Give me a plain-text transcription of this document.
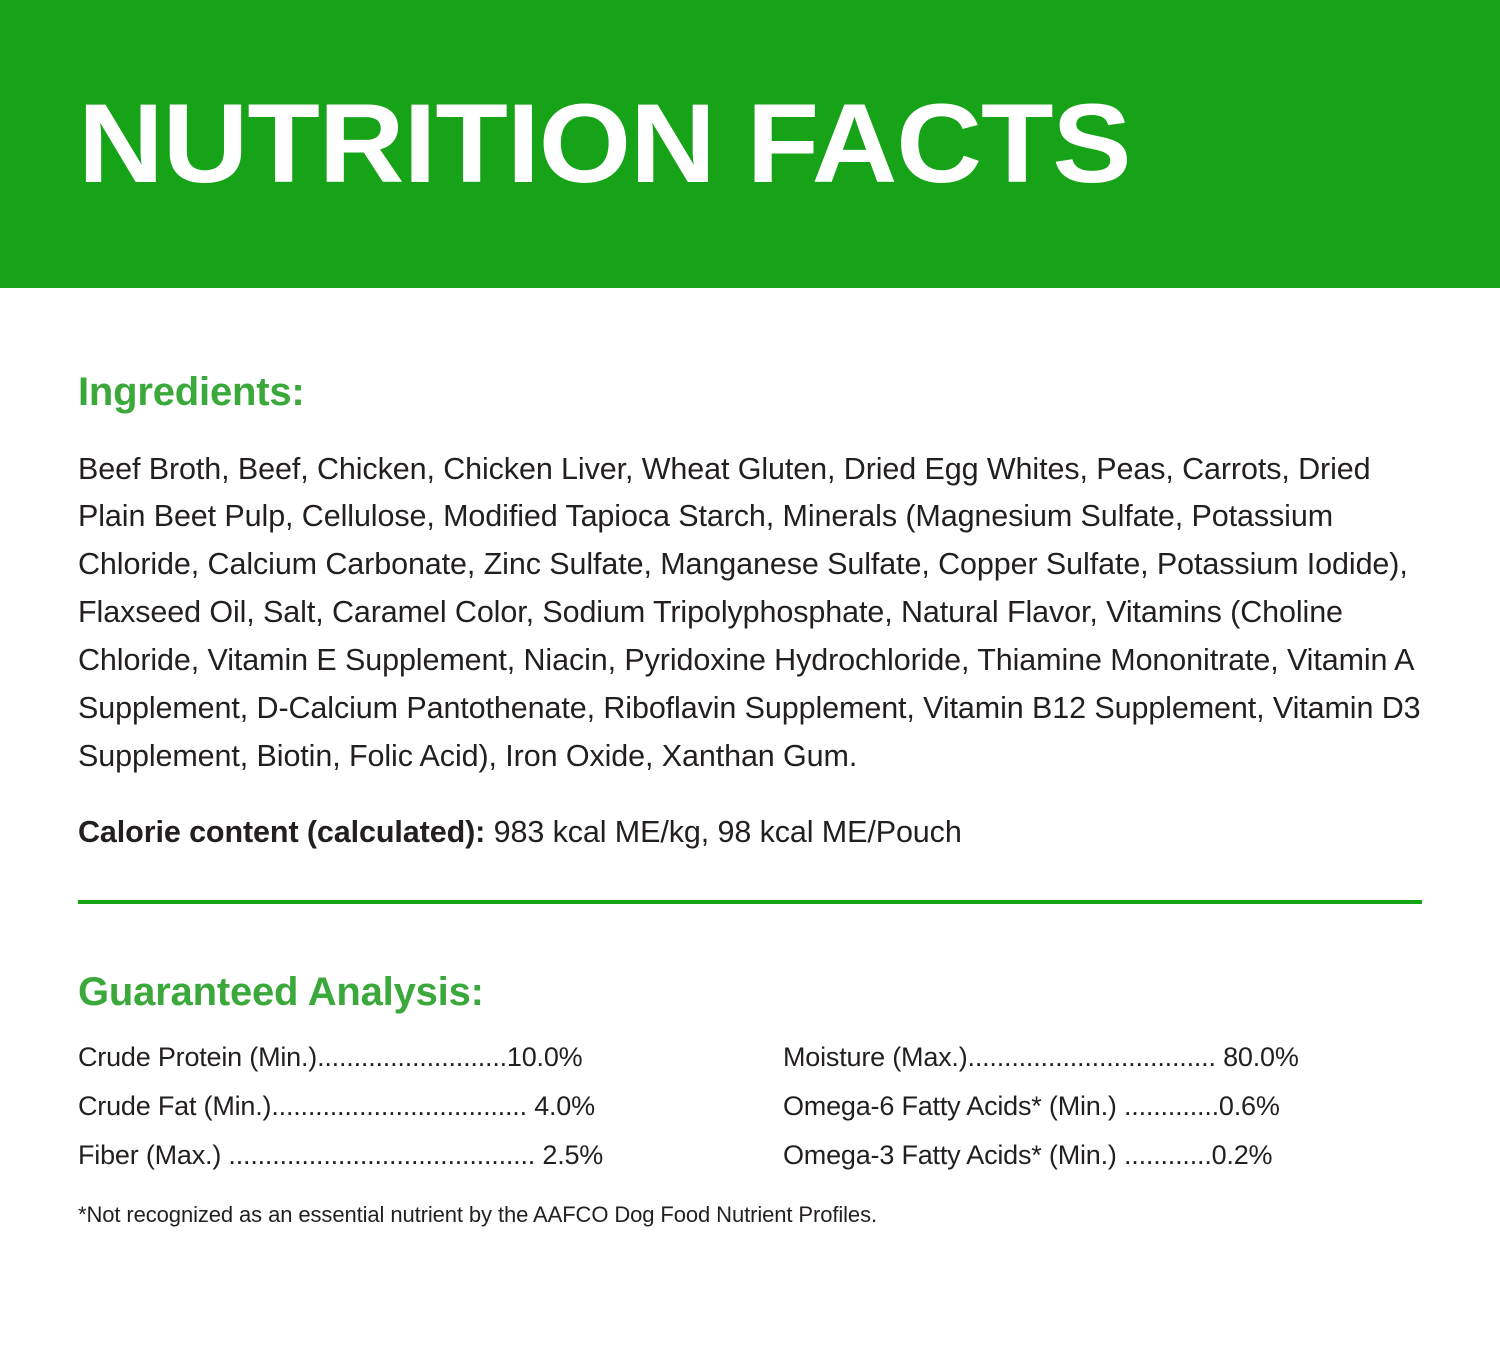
NUTRITION FACTS
Ingredients:

Beef Broth, Beef, Chicken, Chicken Liver, Wheat Gluten, Dried Egg Whites, Peas, Carrots, Dried Plain Beet Pulp, Cellulose, Modified Tapioca Starch, Minerals (Magnesium Sulfate, Potassium Chloride, Calcium Carbonate, Zinc Sulfate, Manganese Sulfate, Copper Sulfate, Potassium Iodide), Flaxseed Oil, Salt, Caramel Color, Sodium Tripolyphosphate, Natural Flavor, Vitamins (Choline Chloride, Vitamin E Supplement, Niacin, Pyridoxine Hydrochloride, Thiamine Mononitrate, Vitamin A Supplement, D-Calcium Pantothenate, Riboflavin Supplement, Vitamin B12 Supplement, Vitamin D3 Supplement, Biotin, Folic Acid), Iron Oxide, Xanthan Gum.

Calorie content (calculated): 983 kcal ME/kg, 98 kcal ME/Pouch

Guaranteed Analysis:
Crude Protein (Min.)..........................10.0%
Crude Fat (Min.)................................... 4.0%
Fiber (Max.) .......................................... 2.5%
Moisture (Max.).................................. 80.0%
Omega-6 Fatty Acids* (Min.) .............0.6%
Omega-3 Fatty Acids* (Min.) ............0.2%
*Not recognized as an essential nutrient by the AAFCO Dog Food Nutrient Profiles.
